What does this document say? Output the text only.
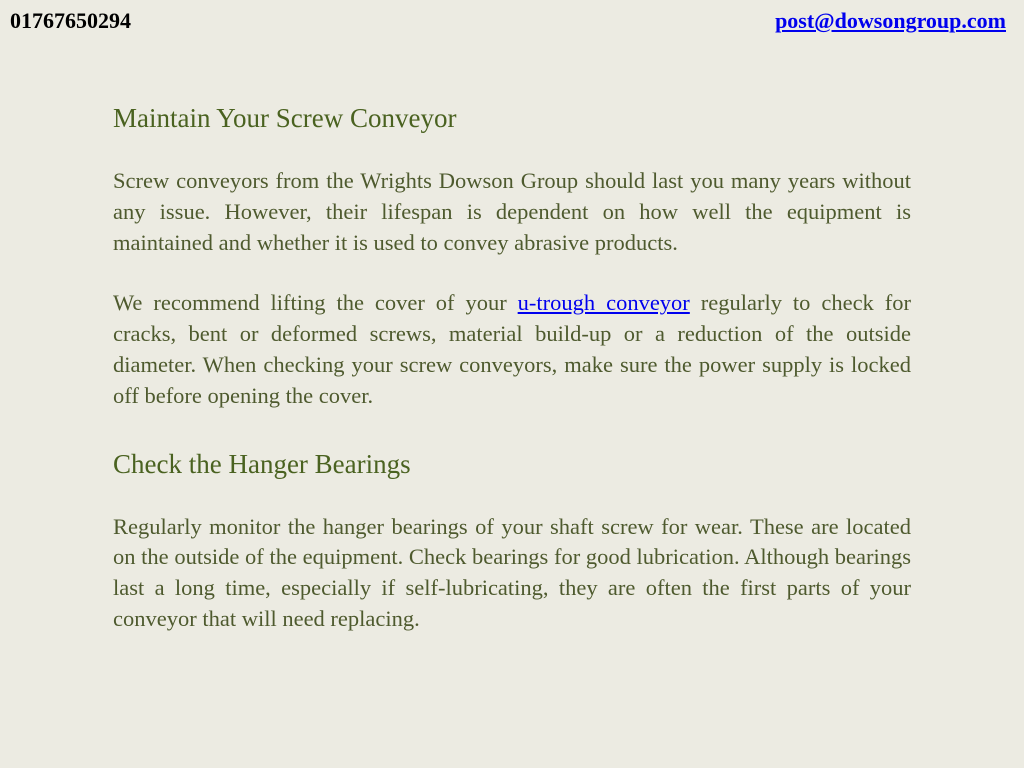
01767650294	post@dowsongroup.com
Maintain Your Screw Conveyor

Screw conveyors from the Wrights Dowson Group should last you many years without any issue. However, their lifespan is dependent on how well the equipment is maintained and whether it is used to convey abrasive products.

We recommend lifting the cover of your u-trough conveyor regularly to check for cracks, bent or deformed screws, material build-up or a reduction of the outside diameter. When checking your screw conveyors, make sure the power supply is locked off before opening the cover.

Check the Hanger Bearings

Regularly monitor the hanger bearings of your shaft screw for wear. These are located on the outside of the equipment. Check bearings for good lubrication. Although bearings last a long time, especially if self-lubricating, they are often the first parts of your conveyor that will need replacing.
